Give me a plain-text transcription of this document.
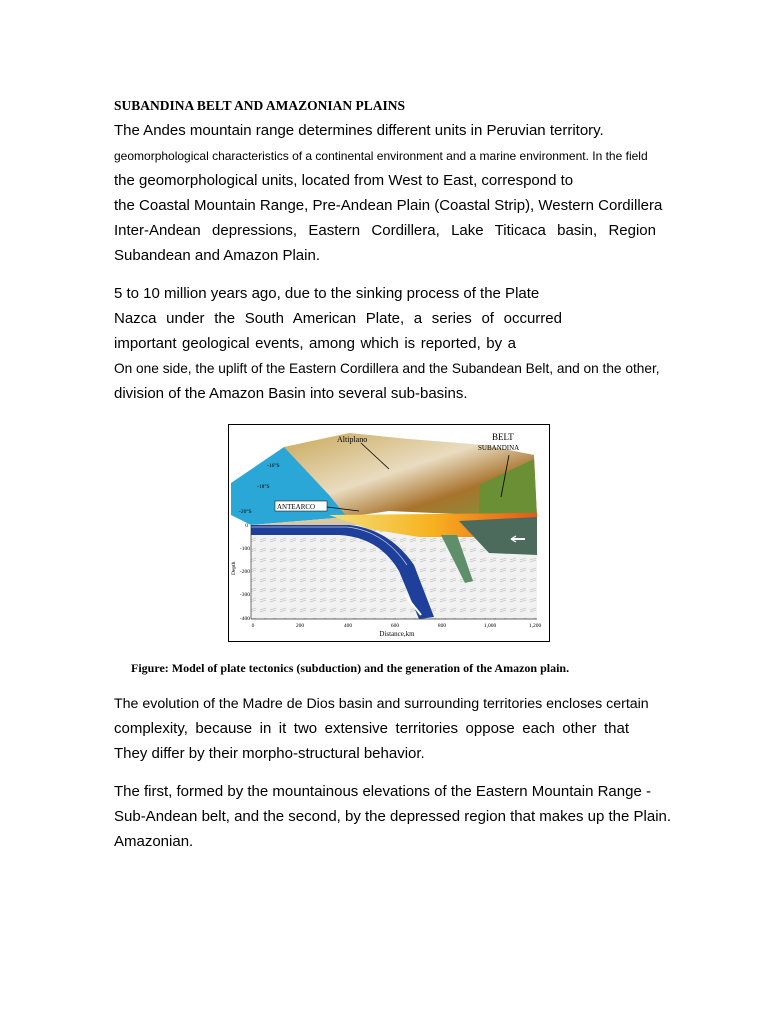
SUBANDINA BELT AND AMAZONIAN PLAINS
The Andes mountain range determines different units in Peruvian territory.
geomorphological characteristics of a continental environment and a marine environment. In the field
the geomorphological units, located from West to East, correspond to
the Coastal Mountain Range, Pre-Andean Plain (Coastal Strip), Western Cordillera
Inter-Andean depressions, Eastern Cordillera, Lake Titicaca basin, Region
Subandean and Amazon Plain.
5 to 10 million years ago, due to the sinking process of the Plate
Nazca under the South American Plate, a series of occurred
important geological events, among which is reported, by a
On one side, the uplift of the Eastern Cordillera and the Subandean Belt, and on the other,
division of the Amazon Basin into several sub-basins.
Altiplano	BELT
SUBANDINA
ANTEARCO
-16°S
-18°S
-20°S
0
-100
-200
-300
-400
Depth
0	200	400	600	800	1,000	1,200
Distance,km
Figure: Model of plate tectonics (subduction) and the generation of the Amazon plain.
The evolution of the Madre de Dios basin and surrounding territories encloses certain
complexity, because in it two extensive territories oppose each other that
They differ by their morpho-structural behavior.
The first, formed by the mountainous elevations of the Eastern Mountain Range -
Sub-Andean belt, and the second, by the depressed region that makes up the Plain.
Amazonian.
